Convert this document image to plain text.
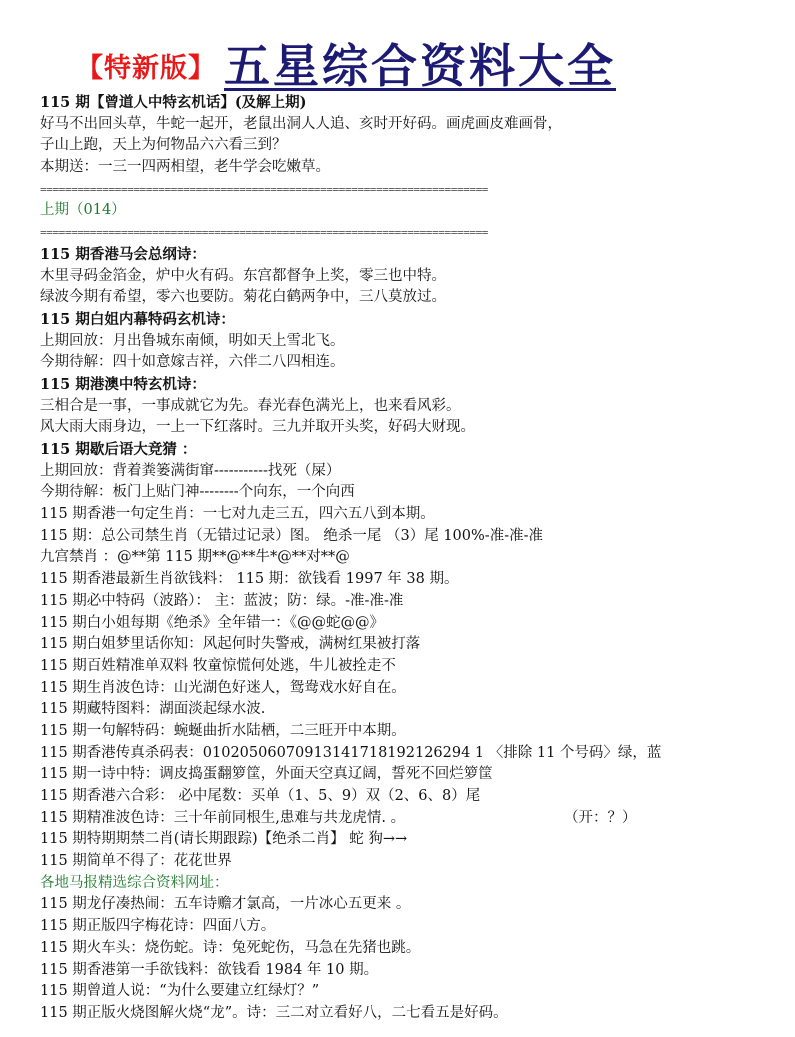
【特新版】 五星综合资料大全
115 期【曾道人中特玄机话】(及解上期)
好马不出回头草，牛蛇一起开，老鼠出洞人人追、亥时开好码。画虎画皮难画骨，
子山上跑，天上为何物品六六看三到？
本期送：一三一四两相望，老牛学会吃嫩草。
========================================================================
上期（014）
========================================================================
115 期香港马会总纲诗：
木里寻码金箔金，炉中火有码。东宫都督争上奖，零三也中特。
绿波今期有希望，零六也要防。菊花白鹤两争中，三八莫放过。
115 期白姐内幕特码玄机诗：
上期回放：月出鲁城东南倾，明如天上雪北飞。
今期待解：四十如意嫁吉祥，六伴二八四相连。
115 期港澳中特玄机诗：
三相合是一事，一事成就它为先。春光春色满光上，也来看风彩。
风大雨大雨身边，一上一下红落时。三九并取开头奖，好码大财现。
115 期歇后语大竞猜 ：
上期回放：背着粪篓满街窜-----------找死（屎）
今期待解：板门上贴门神--------个向东，一个向西
115 期香港一句定生肖：一七对九走三五，四六五八到本期。
115 期：总公司禁生肖（无错过记录）图。 绝杀一尾 （3）尾 100%-准-准-准
九宫禁肖 ：@**第 115 期**@**牛*@**对**@
115 期香港最新生肖欲钱料： 115 期：欲钱看 1997 年 38 期。
115 期必中特码（波路）： 主：蓝波；防：绿。-准-准-准
115 期白小姐每期《绝杀》全年错一：《@@蛇@@》
115 期白姐梦里话你知：风起何时失警戒，满树红果被打落
115 期百姓精准单双料 牧童惊慌何处逃，牛儿被拴走不
115 期生肖波色诗：山光湖色好迷人，鸳鸯戏水好自在。
115 期藏特图料：湖面淡起绿水波.
115 期一句解特码：蜿蜒曲折水陆栖，二三旺开中本期。
115 期香港传真杀码表：01020506070913141718192126294 1 〈排除 11 个号码〉绿，蓝
115 期一诗中特：调皮捣蛋翻箩筐，外面天空真辽阔，誓死不回烂箩筐
115 期香港六合彩： 必中尾数：买单（1、5、9）双（2、6、8）尾
115 期精准波色诗：三十年前同根生,患难与共龙虎情. 。	（开：？）
115 期特期期禁二肖(请长期跟踪)【绝杀二肖】 蛇 狗→→
115 期简单不得了：花花世界
各地马报精选综合资料网址：
115 期龙仔凑热闹：五车诗赡才氯高，一片冰心五更来 。
115 期正版四字梅花诗：四面八方。
115 期火车头：烧伤蛇。诗：兔死蛇伤，马急在先猪也跳。
115 期香港第一手欲钱料：欲钱看 1984 年 10 期。
115 期曾道人说：“为什么要建立红绿灯？”
115 期正版火烧图解火烧“龙”。诗：三二对立看好八，二七看五是好码。
